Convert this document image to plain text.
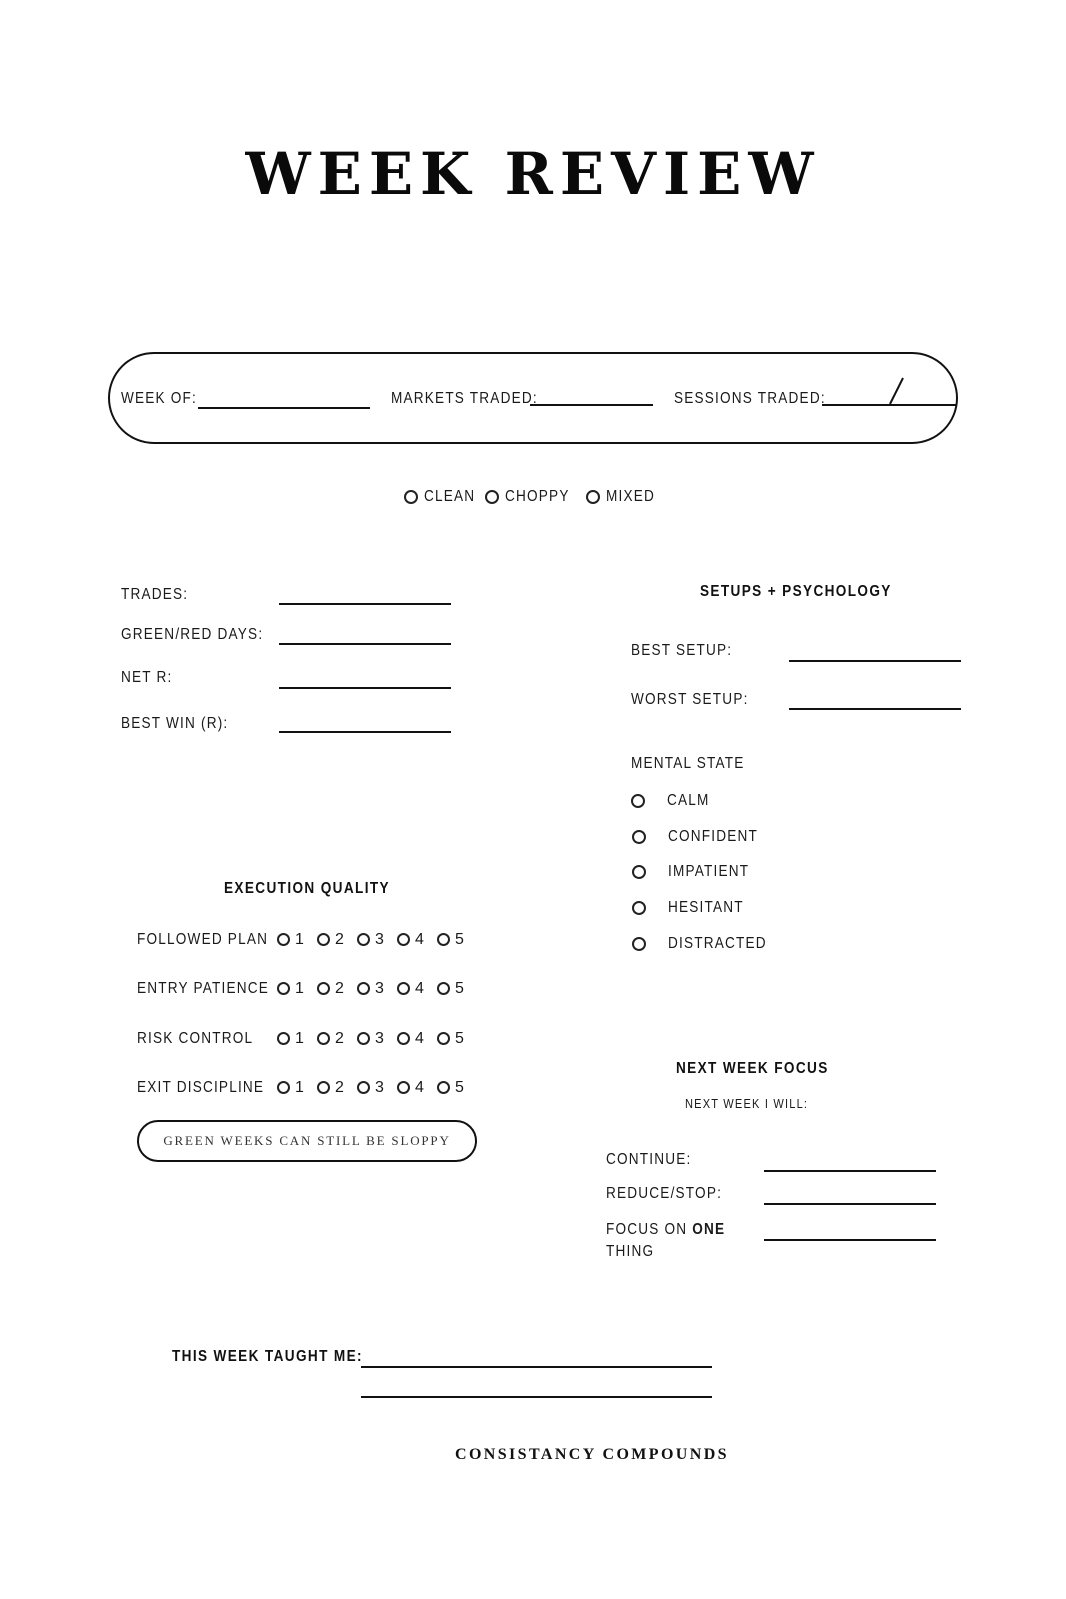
WEEK REVIEW
WEEK OF:	MARKETS TRADED:	SESSIONS TRADED:
CLEAN	CHOPPY	MIXED
TRADES:
GREEN/RED DAYS:
NET R:
BEST WIN (R):
SETUPS + PSYCHOLOGY
BEST SETUP:
WORST SETUP:
MENTAL STATE
CALM
CONFIDENT
IMPATIENT
HESITANT
DISTRACTED
EXECUTION QUALITY
FOLLOWED PLAN	1 2 3 4 5
ENTRY PATIENCE	1 2 3 4 5
RISK CONTROL	1 2 3 4 5
EXIT DISCIPLINE	1 2 3 4 5
GREEN WEEKS CAN STILL BE SLOPPY
NEXT WEEK FOCUS
NEXT WEEK I WILL:
CONTINUE:
REDUCE/STOP:
FOCUS ON ONE
THING
THIS WEEK TAUGHT ME:
CONSISTANCY COMPOUNDS
